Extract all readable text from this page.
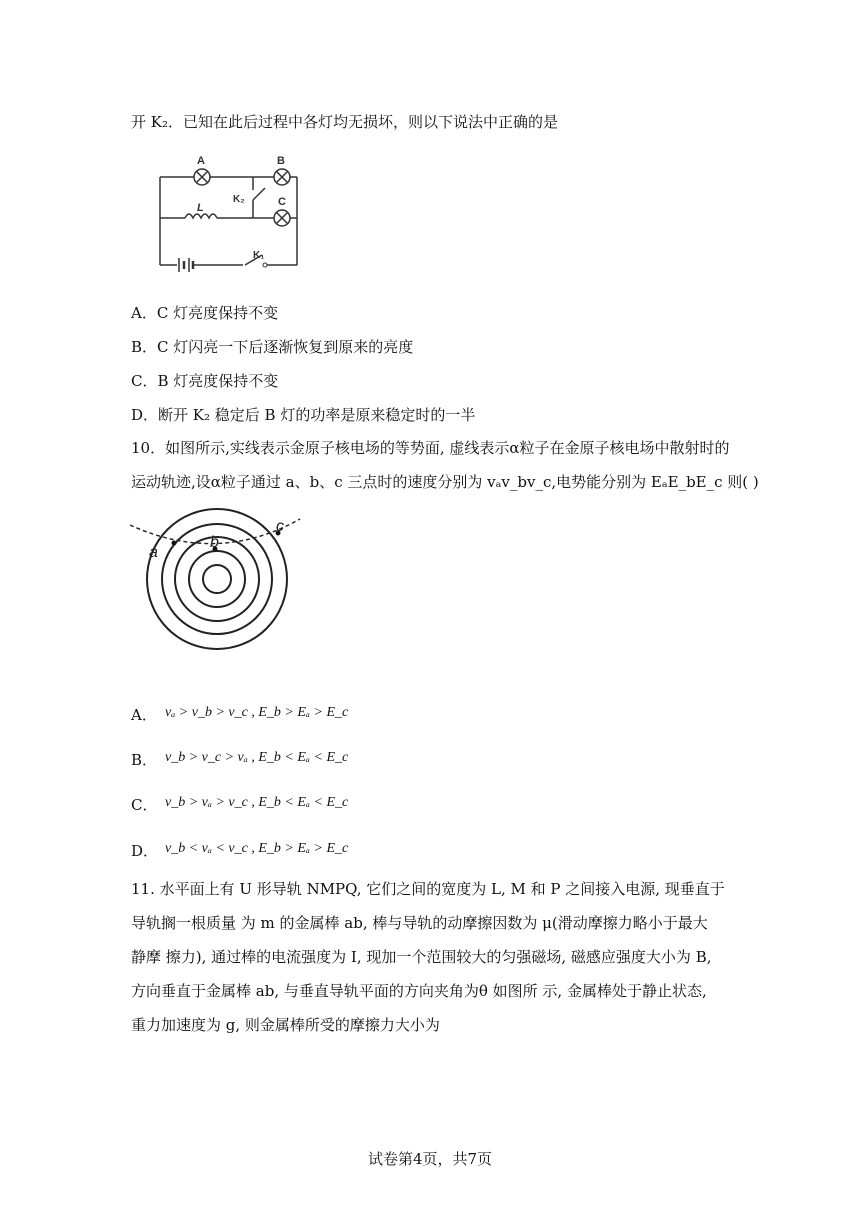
开 K₂．已知在此后过程中各灯均无损坏，则以下说法中正确的是
A	B
C
L
K₂
K₁
A．C 灯亮度保持不变
B．C 灯闪亮一下后逐渐恢复到原来的亮度
C．B 灯亮度保持不变
D．断开 K₂ 稳定后 B 灯的功率是原来稳定时的一半
10．如图所示,实线表示金原子核电场的等势面, 虚线表示α粒子在金原子核电场中散射时的
运动轨迹,设α粒子通过 a、b、c 三点时的速度分别为 vₐv_bv_c,电势能分别为 EₐE_bE_c 则( )
a
b
c
A． vₐ > v_b > v_c , E_b > Eₐ > E_c
B． v_b > v_c > vₐ , E_b < Eₐ < E_c
C． v_b > vₐ > v_c , E_b < Eₐ < E_c
D． v_b < vₐ < v_c , E_b > Eₐ > E_c
11. 水平面上有 U 形导轨 NMPQ, 它们之间的宽度为 L, M 和 P 之间接入电源, 现垂直于
导轨搁一根质量 为 m 的金属棒 ab, 棒与导轨的动摩擦因数为 μ(滑动摩擦力略小于最大
静摩 擦力), 通过棒的电流强度为 I, 现加一个范围较大的匀强磁场, 磁感应强度大小为 B,
方向垂直于金属棒 ab, 与垂直导轨平面的方向夹角为θ 如图所 示, 金属棒处于静止状态,
重力加速度为 g, 则金属棒所受的摩擦力大小为
试卷第4页，共7页
